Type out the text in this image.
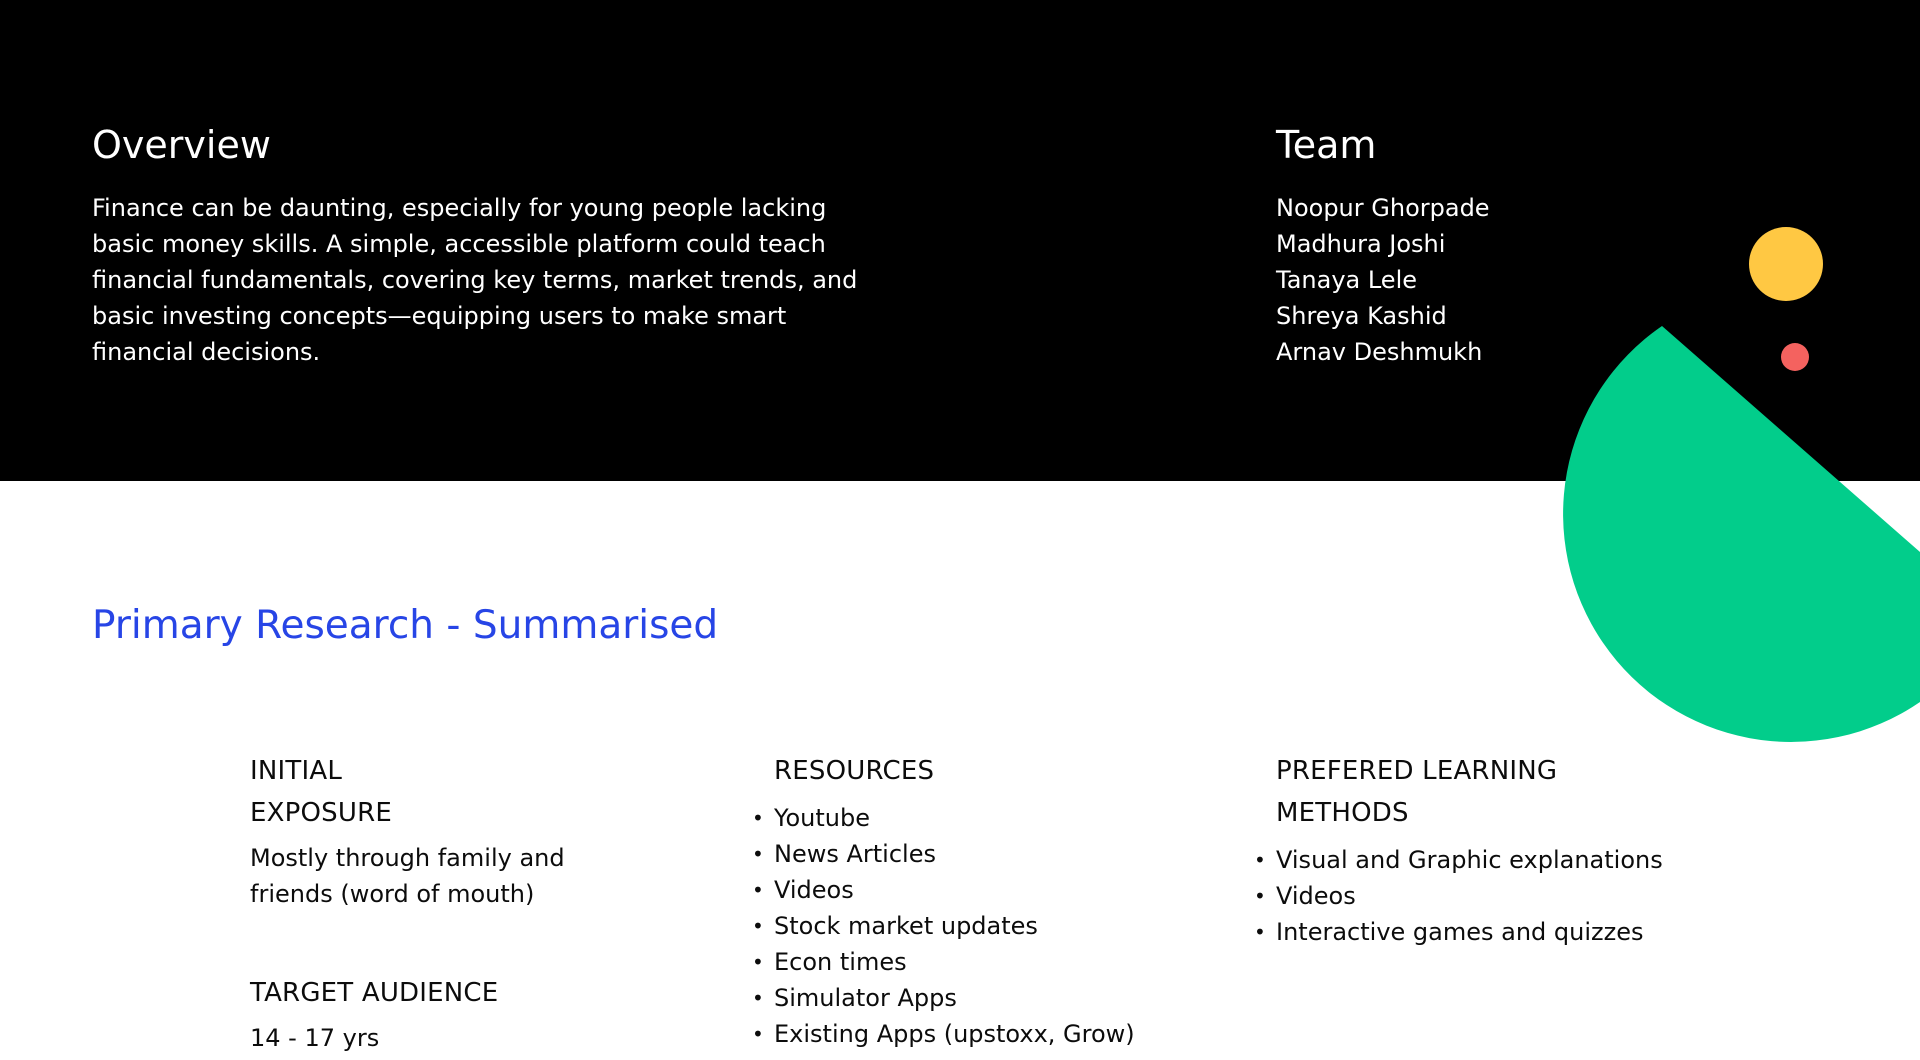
Overview

Finance can be daunting, especially for young people lacking basic money skills. A simple, accessible platform could teach financial fundamentals, covering key terms, market trends, and basic investing concepts—equipping users to make smart financial decisions.

Team
Noopur Ghorpade
Madhura Joshi
Tanaya Lele
Shreya Kashid
Arnav Deshmukh
Primary Research - Summarised
INITIAL
EXPOSURE

Mostly through family and
friends (word of mouth)

TARGET AUDIENCE

14 - 17 yrs

RESOURCES
• Youtube
• News Articles
• Videos
• Stock market updates
• Econ times
• Simulator Apps
• Existing Apps (upstoxx, Grow)
PREFERED LEARNING
METHODS
• Visual and Graphic explanations
• Videos
• Interactive games and quizzes
